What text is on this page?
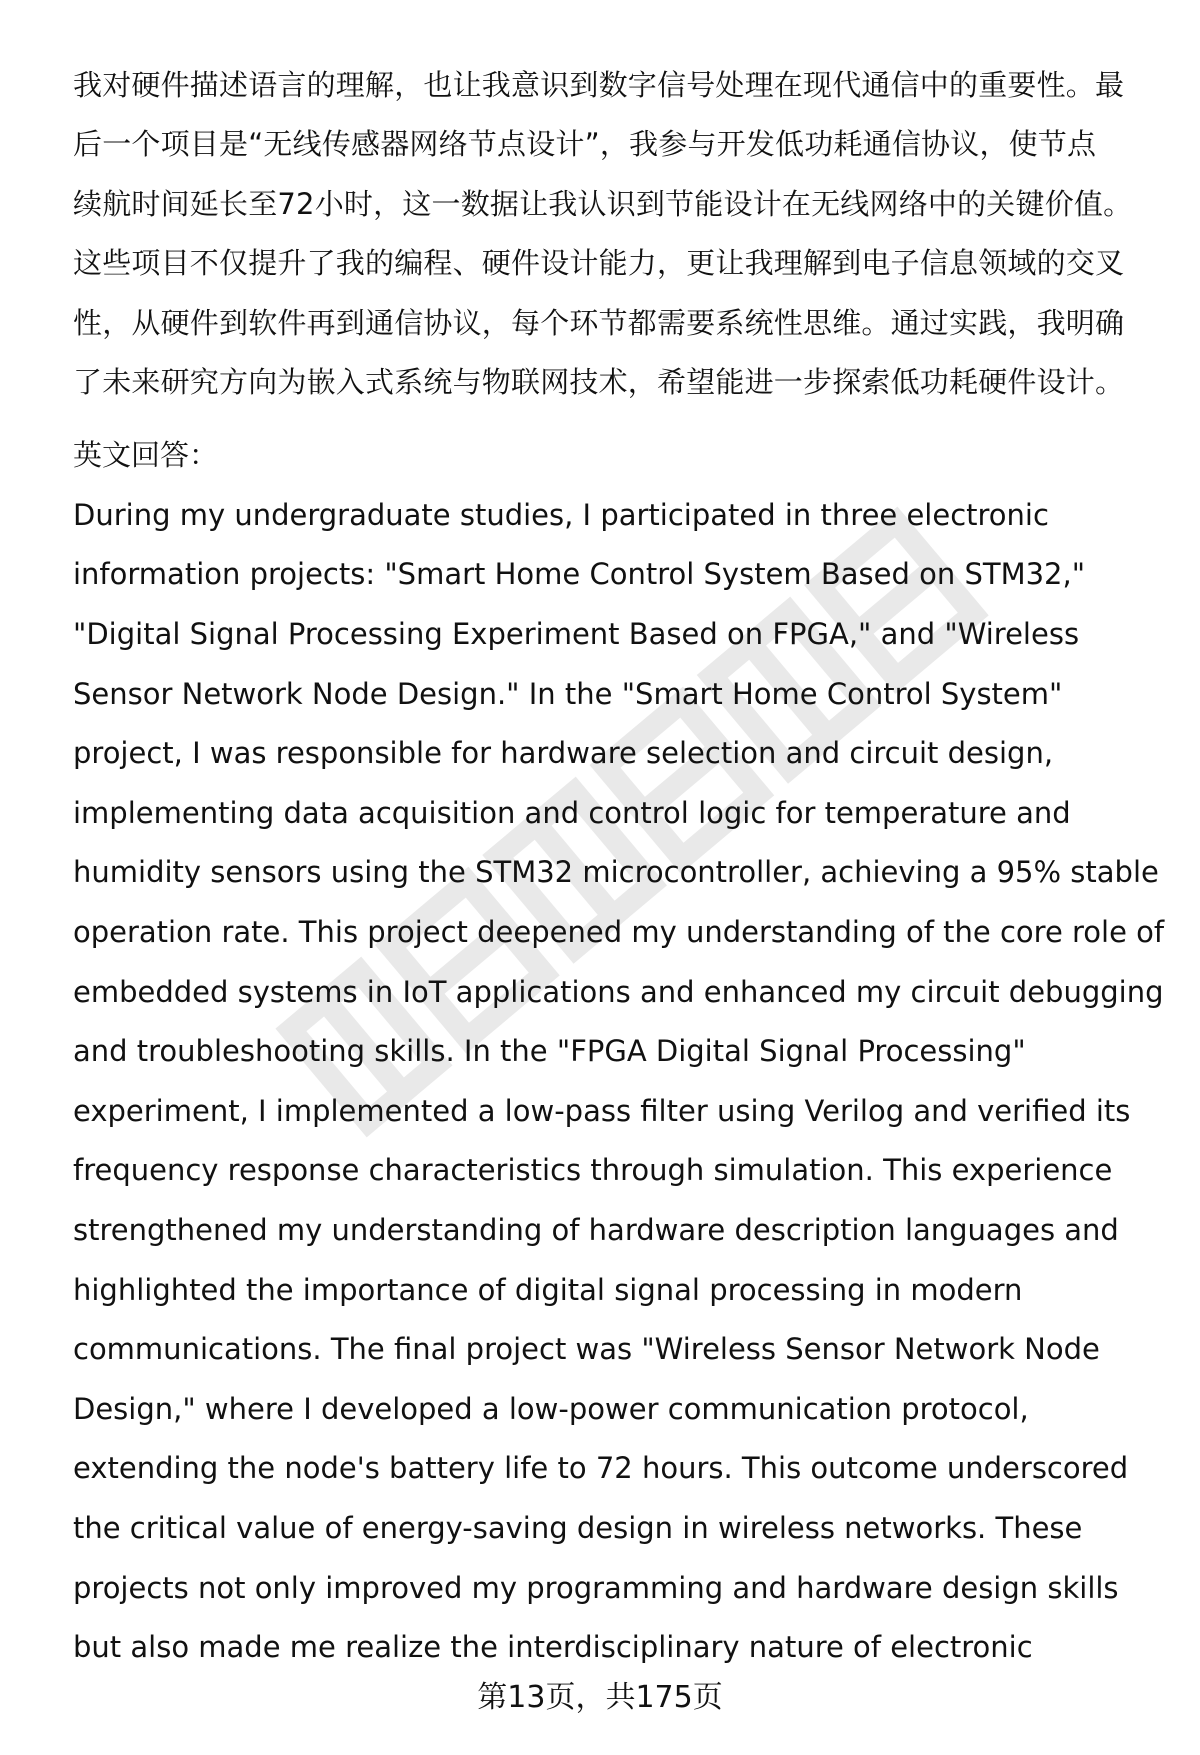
我对硬件描述语言的理解，也让我意识到数字信号处理在现代通信中的重要性。最
后一个项目是“无线传感器网络节点设计”，我参与开发低功耗通信协议，使节点
续航时间延长至72小时，这一数据让我认识到节能设计在无线网络中的关键价值。
这些项目不仅提升了我的编程、硬件设计能力，更让我理解到电子信息领域的交叉
性，从硬件到软件再到通信协议，每个环节都需要系统性思维。通过实践，我明确
了未来研究方向为嵌入式系统与物联网技术，希望能进一步探索低功耗硬件设计。
英文回答：
During my undergraduate studies, I participated in three electronic
information projects: "Smart Home Control System Based on STM32,"
"Digital Signal Processing Experiment Based on FPGA," and "Wireless
Sensor Network Node Design." In the "Smart Home Control System"
project, I was responsible for hardware selection and circuit design,
implementing data acquisition and control logic for temperature and
humidity sensors using the STM32 microcontroller, achieving a 95% stable
operation rate. This project deepened my understanding of the core role of
embedded systems in IoT applications and enhanced my circuit debugging
and troubleshooting skills. In the "FPGA Digital Signal Processing"
experiment, I implemented a low-pass filter using Verilog and verified its
frequency response characteristics through simulation. This experience
strengthened my understanding of hardware description languages and
highlighted the importance of digital signal processing in modern
communications. The final project was "Wireless Sensor Network Node
Design," where I developed a low-power communication protocol,
extending the node's battery life to 72 hours. This outcome underscored
the critical value of energy-saving design in wireless networks. These
projects not only improved my programming and hardware design skills
but also made me realize the interdisciplinary nature of electronic
第13页，共175页
